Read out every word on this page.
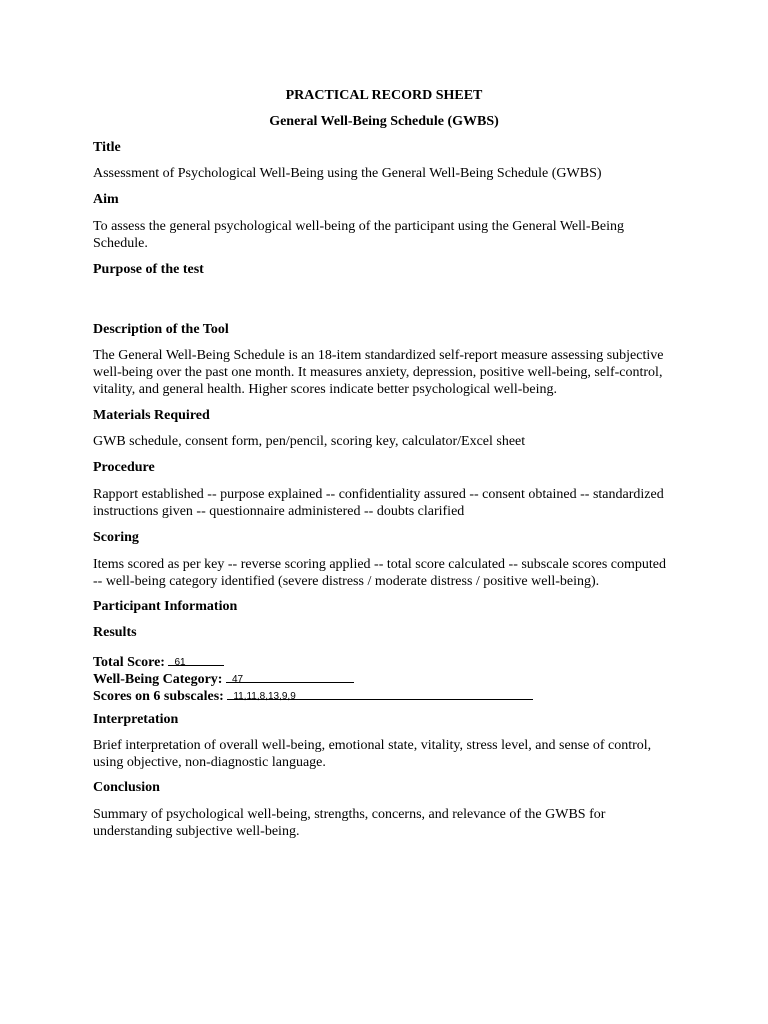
PRACTICAL RECORD SHEET
General Well-Being Schedule (GWBS)
Title
Assessment of Psychological Well-Being using the General Well-Being Schedule (GWBS)
Aim
To assess the general psychological well-being of the participant using the General Well-Being
Schedule.
Purpose of the test
Description of the Tool
The General Well-Being Schedule is an 18-item standardized self-report measure assessing subjective
well-being over the past one month. It measures anxiety, depression, positive well-being, self-control,
vitality, and general health. Higher scores indicate better psychological well-being.
Materials Required
GWB schedule, consent form, pen/pencil, scoring key, calculator/Excel sheet
Procedure
Rapport established -- purpose explained -- confidentiality assured -- consent obtained -- standardized
instructions given -- questionnaire administered -- doubts clarified
Scoring
Items scored as per key -- reverse scoring applied -- total score calculated -- subscale scores computed
-- well-being category identified (severe distress / moderate distress / positive well-being).
Participant Information
Results
Total Score: 61
Well-Being Category: 47
Scores on 6 subscales: 11,11,8,13,9,9
Interpretation
Brief interpretation of overall well-being, emotional state, vitality, stress level, and sense of control,
using objective, non-diagnostic language.
Conclusion
Summary of psychological well-being, strengths, concerns, and relevance of the GWBS for
understanding subjective well-being.
